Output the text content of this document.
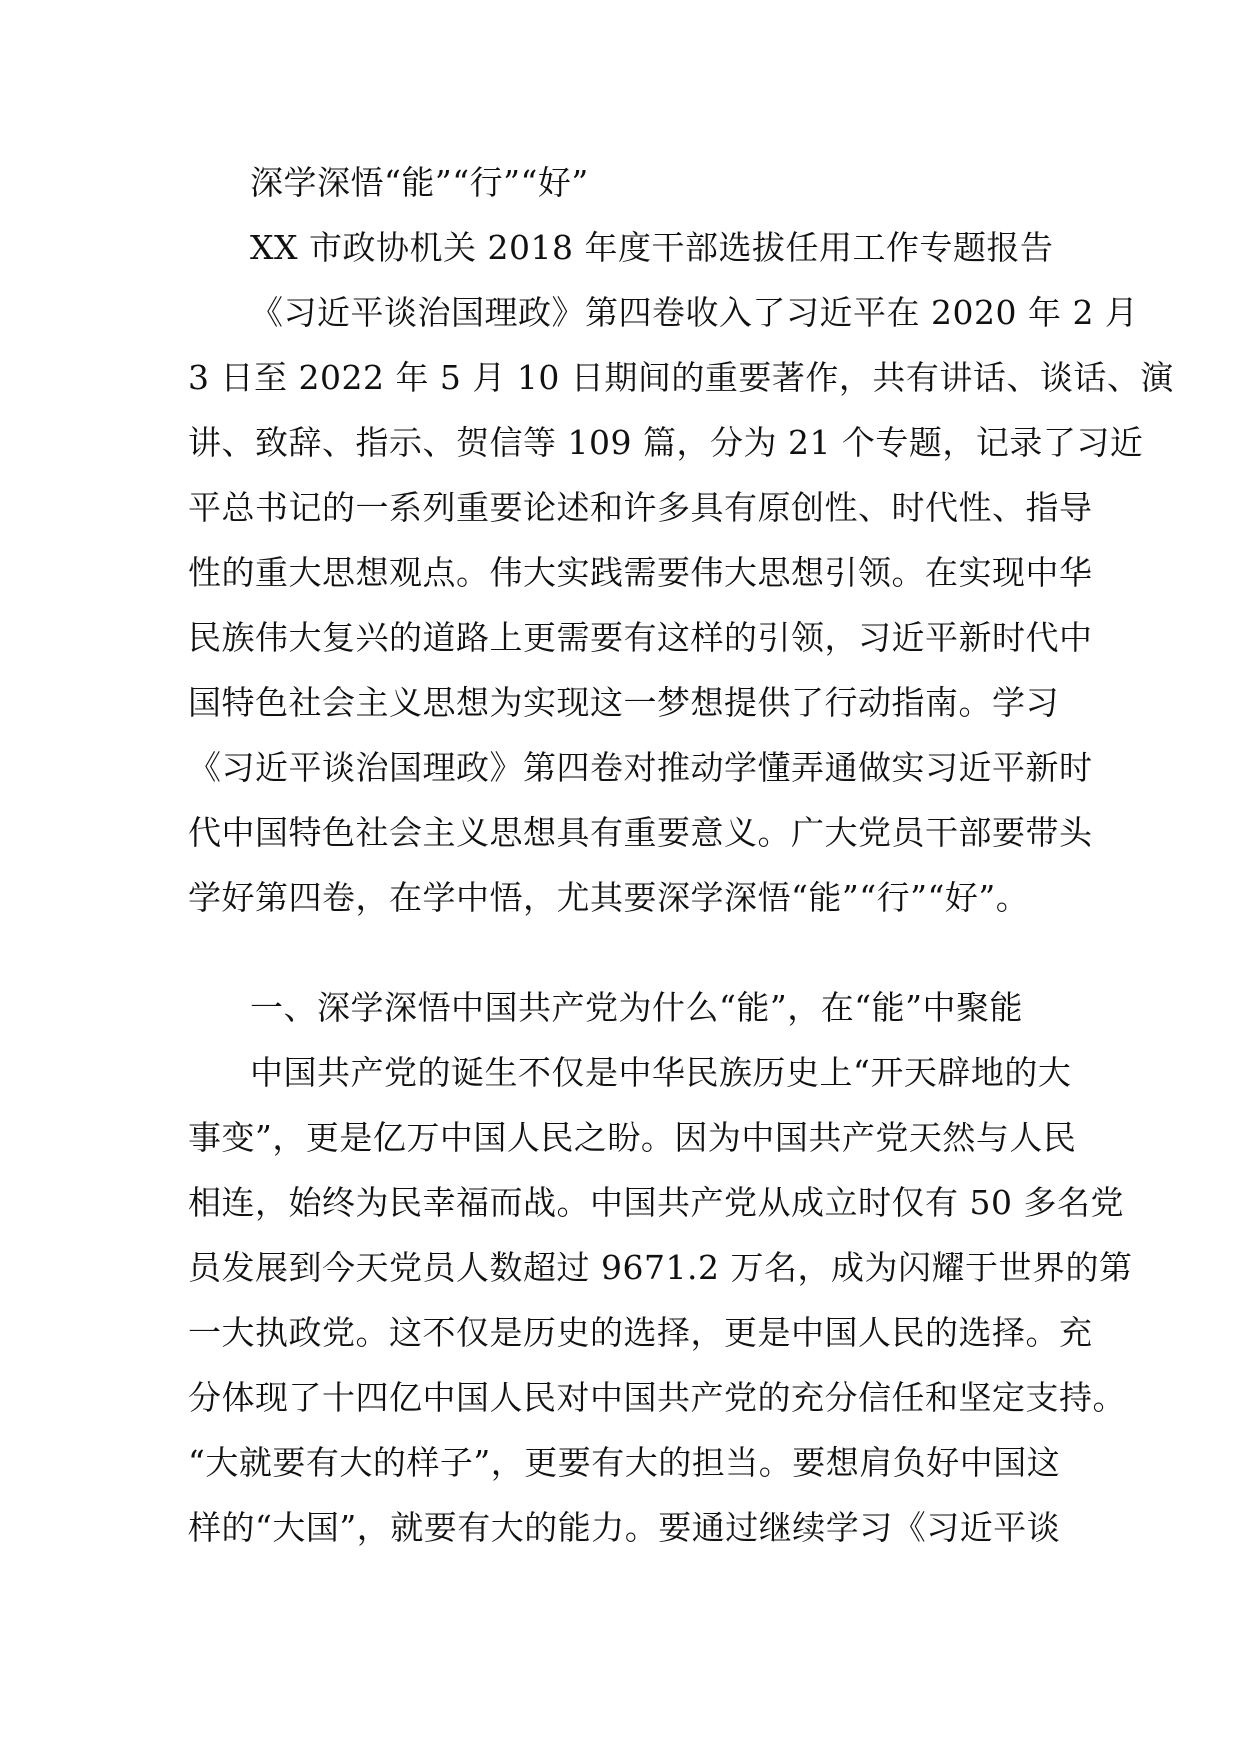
深学深悟“能”“行”“好”
XX 市政协机关 2018 年度干部选拔任用工作专题报告
《习近平谈治国理政》第四卷收入了习近平在 2020 年 2 月
3 日至 2022 年 5 月 10 日期间的重要著作，共有讲话、谈话、演
讲、致辞、指示、贺信等 109 篇，分为 21 个专题，记录了习近
平总书记的一系列重要论述和许多具有原创性、时代性、指导
性的重大思想观点。伟大实践需要伟大思想引领。在实现中华
民族伟大复兴的道路上更需要有这样的引领，习近平新时代中
国特色社会主义思想为实现这一梦想提供了行动指南。学习
《习近平谈治国理政》第四卷对推动学懂弄通做实习近平新时
代中国特色社会主义思想具有重要意义。广大党员干部要带头
学好第四卷，在学中悟，尤其要深学深悟“能”“行”“好”。
一、深学深悟中国共产党为什么“能”，在“能”中聚能
中国共产党的诞生不仅是中华民族历史上“开天辟地的大
事变”，更是亿万中国人民之盼。因为中国共产党天然与人民
相连，始终为民幸福而战。中国共产党从成立时仅有 50 多名党
员发展到今天党员人数超过 9671.2 万名，成为闪耀于世界的第
一大执政党。这不仅是历史的选择，更是中国人民的选择。充
分体现了十四亿中国人民对中国共产党的充分信任和坚定支持。
“大就要有大的样子”，更要有大的担当。要想肩负好中国这
样的“大国”，就要有大的能力。要通过继续学习《习近平谈
